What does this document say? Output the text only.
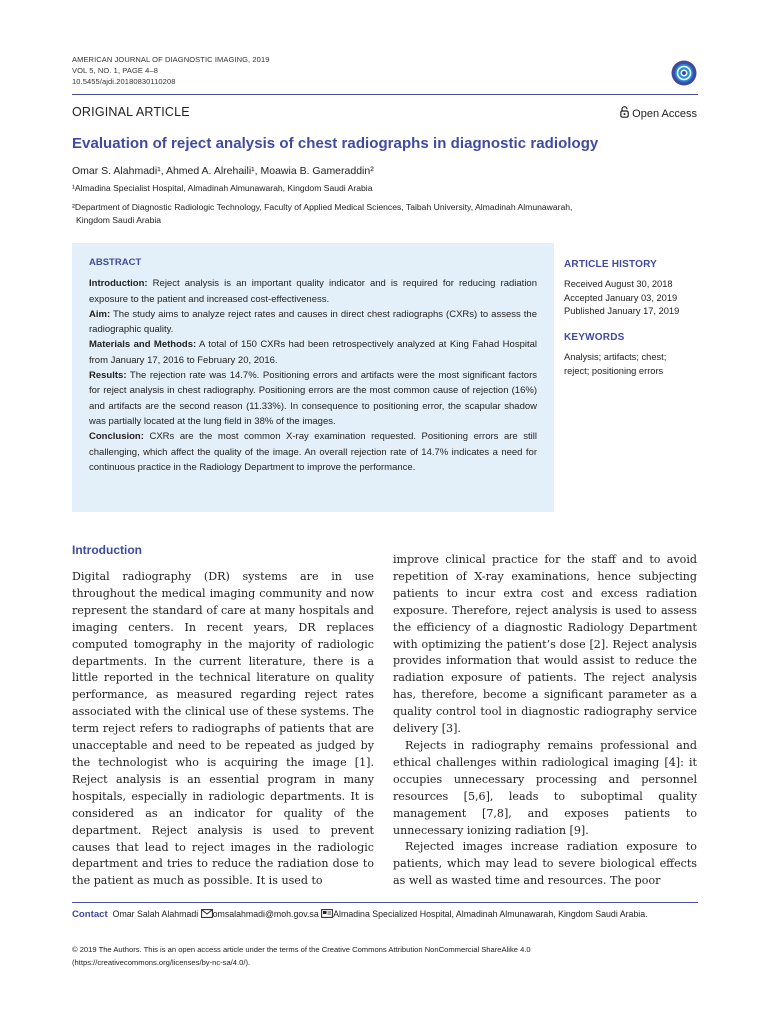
AMERICAN JOURNAL OF DIAGNOSTIC IMAGING, 2019
VOL 5, NO. 1, PAGE 4–8
10.5455/ajdi.20180830110208
ORIGINAL ARTICLE	Open Access
Evaluation of reject analysis of chest radiographs in diagnostic radiology
Omar S. Alahmadi¹, Ahmed A. Alrehaili¹, Moawia B. Gameraddin²
¹Almadina Specialist Hospital, Almadinah Almunawarah, Kingdom Saudi Arabia
²Department of Diagnostic Radiologic Technology, Faculty of Applied Medical Sciences, Taibah University, Almadinah Almunawarah,
Kingdom Saudi Arabia
ABSTRACT

Introduction: Reject analysis is an important quality indicator and is required for reducing radiation exposure to the patient and increased cost-effectiveness.

Aim: The study aims to analyze reject rates and causes in direct chest radiographs (CXRs) to assess the radiographic quality.

Materials and Methods: A total of 150 CXRs had been retrospectively analyzed at King Fahad Hospital from January 17, 2016 to February 20, 2016.

Results: The rejection rate was 14.7%. Positioning errors and artifacts were the most significant factors for reject analysis in chest radiography. Positioning errors are the most common cause of rejection (16%) and artifacts are the second reason (11.33%). In consequence to positioning error, the scapular shadow was partially located at the lung field in 38% of the images.

Conclusion: CXRs are the most common X-ray examination requested. Positioning errors are still challenging, which affect the quality of the image. An overall rejection rate of 14.7% indicates a need for continuous practice in the Radiology Department to improve the performance.

ARTICLE HISTORY
Received August 30, 2018
Accepted January 03, 2019
Published January 17, 2019
KEYWORDS
Analysis; artifacts; chest;
reject; positioning errors
Introduction

Digital radiography (DR) systems are in use throughout the medical imaging community and now represent the standard of care at many hospitals and imaging centers. In recent years, DR replaces computed tomography in the majority of radiologic departments. In the current literature, there is a little reported in the technical literature on quality performance, as measured regarding reject rates associated with the clinical use of these systems. The term reject refers to radiographs of patients that are unacceptable and need to be repeated as judged by the technologist who is acquiring the image [1]. Reject analysis is an essential program in many hospitals, especially in radiologic departments. It is considered as an indicator for quality of the department. Reject analysis is used to prevent causes that lead to reject images in the radiologic department and tries to reduce the radiation dose to the patient as much as possible. It is used to

improve clinical practice for the staff and to avoid repetition of X-ray examinations, hence subjecting patients to incur extra cost and excess radiation exposure. Therefore, reject analysis is used to assess the efficiency of a diagnostic Radiology Department with optimizing the patient’s dose [2]. Reject analysis provides information that would assist to reduce the radiation exposure of patients. The reject analysis has, therefore, become a significant parameter as a quality control tool in diagnostic radiography service delivery [3].

Rejects in radiography remains professional and ethical challenges within radiological imaging [4]: it occupies unnecessary processing and personnel resources [5,6], leads to suboptimal quality management [7,8], and exposes patients to unnecessary ionizing radiation [9].

Rejected images increase radiation exposure to patients, which may lead to severe biological effects as well as wasted time and resources. The poor

Contact Omar Salah Alahmadi omsalahmadi@moh.gov.sa Almadina Specialized Hospital, Almadinah Almunawarah, Kingdom Saudi Arabia.
© 2019 The Authors. This is an open access article under the terms of the Creative Commons Attribution NonCommercial ShareAlike 4.0
(https://creativecommons.org/licenses/by-nc-sa/4.0/).
